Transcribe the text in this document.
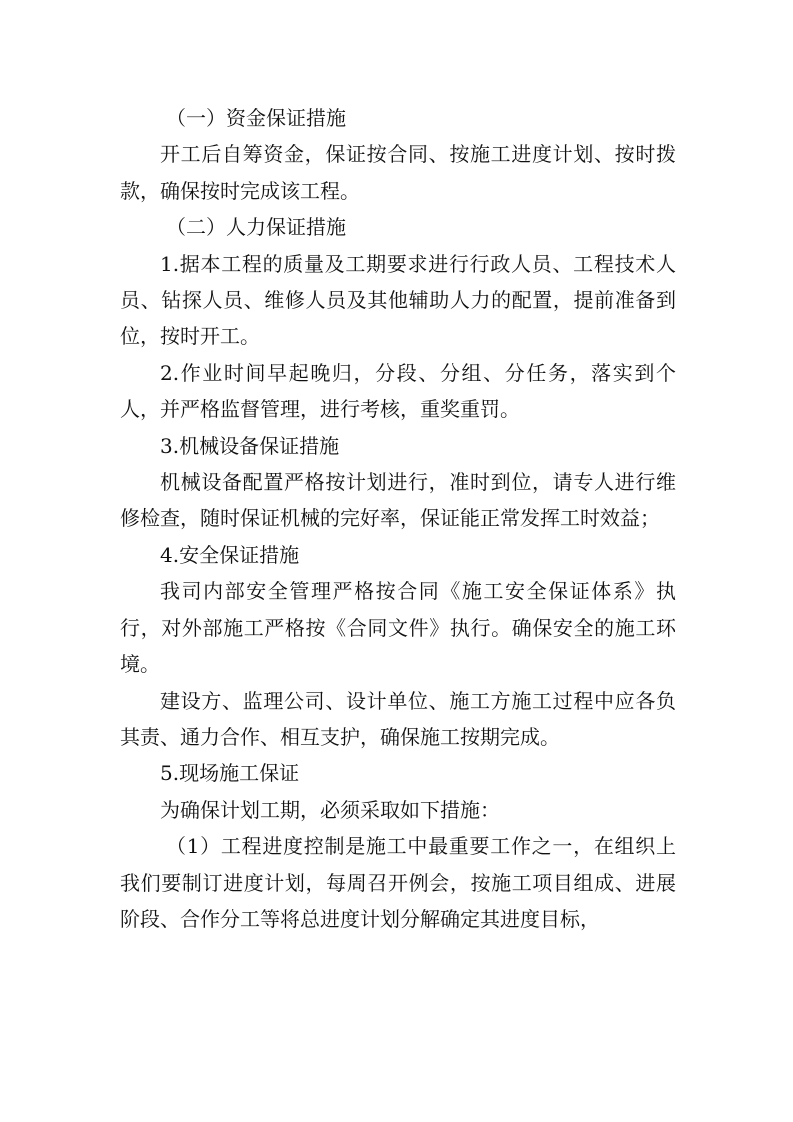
（一）资金保证措施

开工后自筹资金，保证按合同、按施工进度计划、按时拨款，确保按时完成该工程。

（二）人力保证措施

1.据本工程的质量及工期要求进行行政人员、工程技术人员、钻探人员、维修人员及其他辅助人力的配置，提前准备到位，按时开工。

2.作业时间早起晚归，分段、分组、分任务，落实到个人，并严格监督管理，进行考核，重奖重罚。

3.机械设备保证措施

机械设备配置严格按计划进行，准时到位，请专人进行维修检查，随时保证机械的完好率，保证能正常发挥工时效益；

4.安全保证措施

我司内部安全管理严格按合同《施工安全保证体系》执行，对外部施工严格按《合同文件》执行。确保安全的施工环境。

建设方、监理公司、设计单位、施工方施工过程中应各负其责、通力合作、相互支护，确保施工按期完成。

5.现场施工保证

为确保计划工期，必须采取如下措施：

（1）工程进度控制是施工中最重要工作之一，在组织上我们要制订进度计划，每周召开例会，按施工项目组成、进展阶段、合作分工等将总进度计划分解确定其进度目标，
